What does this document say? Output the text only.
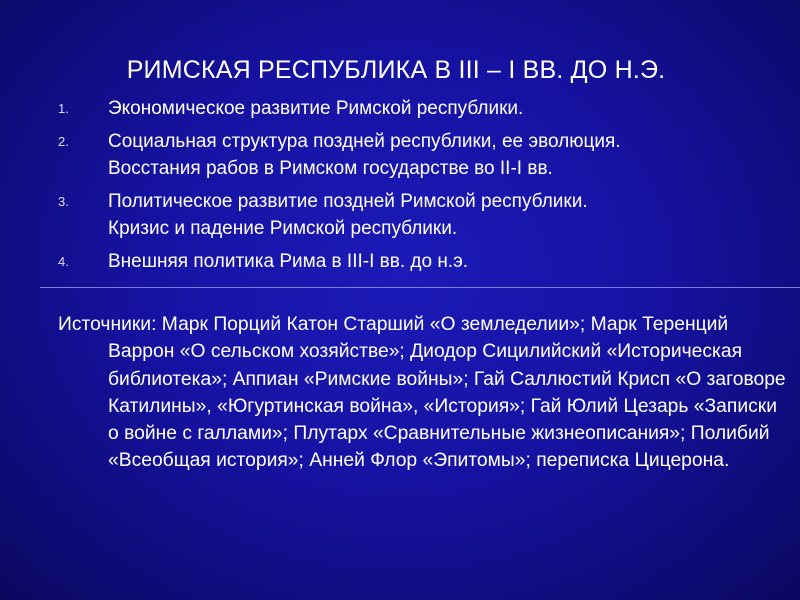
РИМСКАЯ РЕСПУБЛИКА В III – I ВВ. ДО Н.Э.
1. Экономическое развитие Римской республики.
2. Социальная структура поздней республики, ее эволюция.
Восстания рабов в Римском государстве во II-I вв.
3. Политическое развитие поздней Римской республики.
Кризис и падение Римской республики.
4. Внешняя политика Рима в III-I вв. до н.э.

Источники: Марк Порций Катон Старший «О земледелии»; Марк Теренций Варрон «О сельском хозяйстве»; Диодор Сицилийский «Историческая библиотека»; Аппиан «Римские войны»; Гай Саллюстий Крисп «О заговоре Катилины», «Югуртинская война», «История»; Гай Юлий Цезарь «Записки о войне с галлами»; Плутарх «Сравнительные жизнеописания»; Полибий «Всеобщая история»; Анней Флор «Эпитомы»; переписка Цицерона.
